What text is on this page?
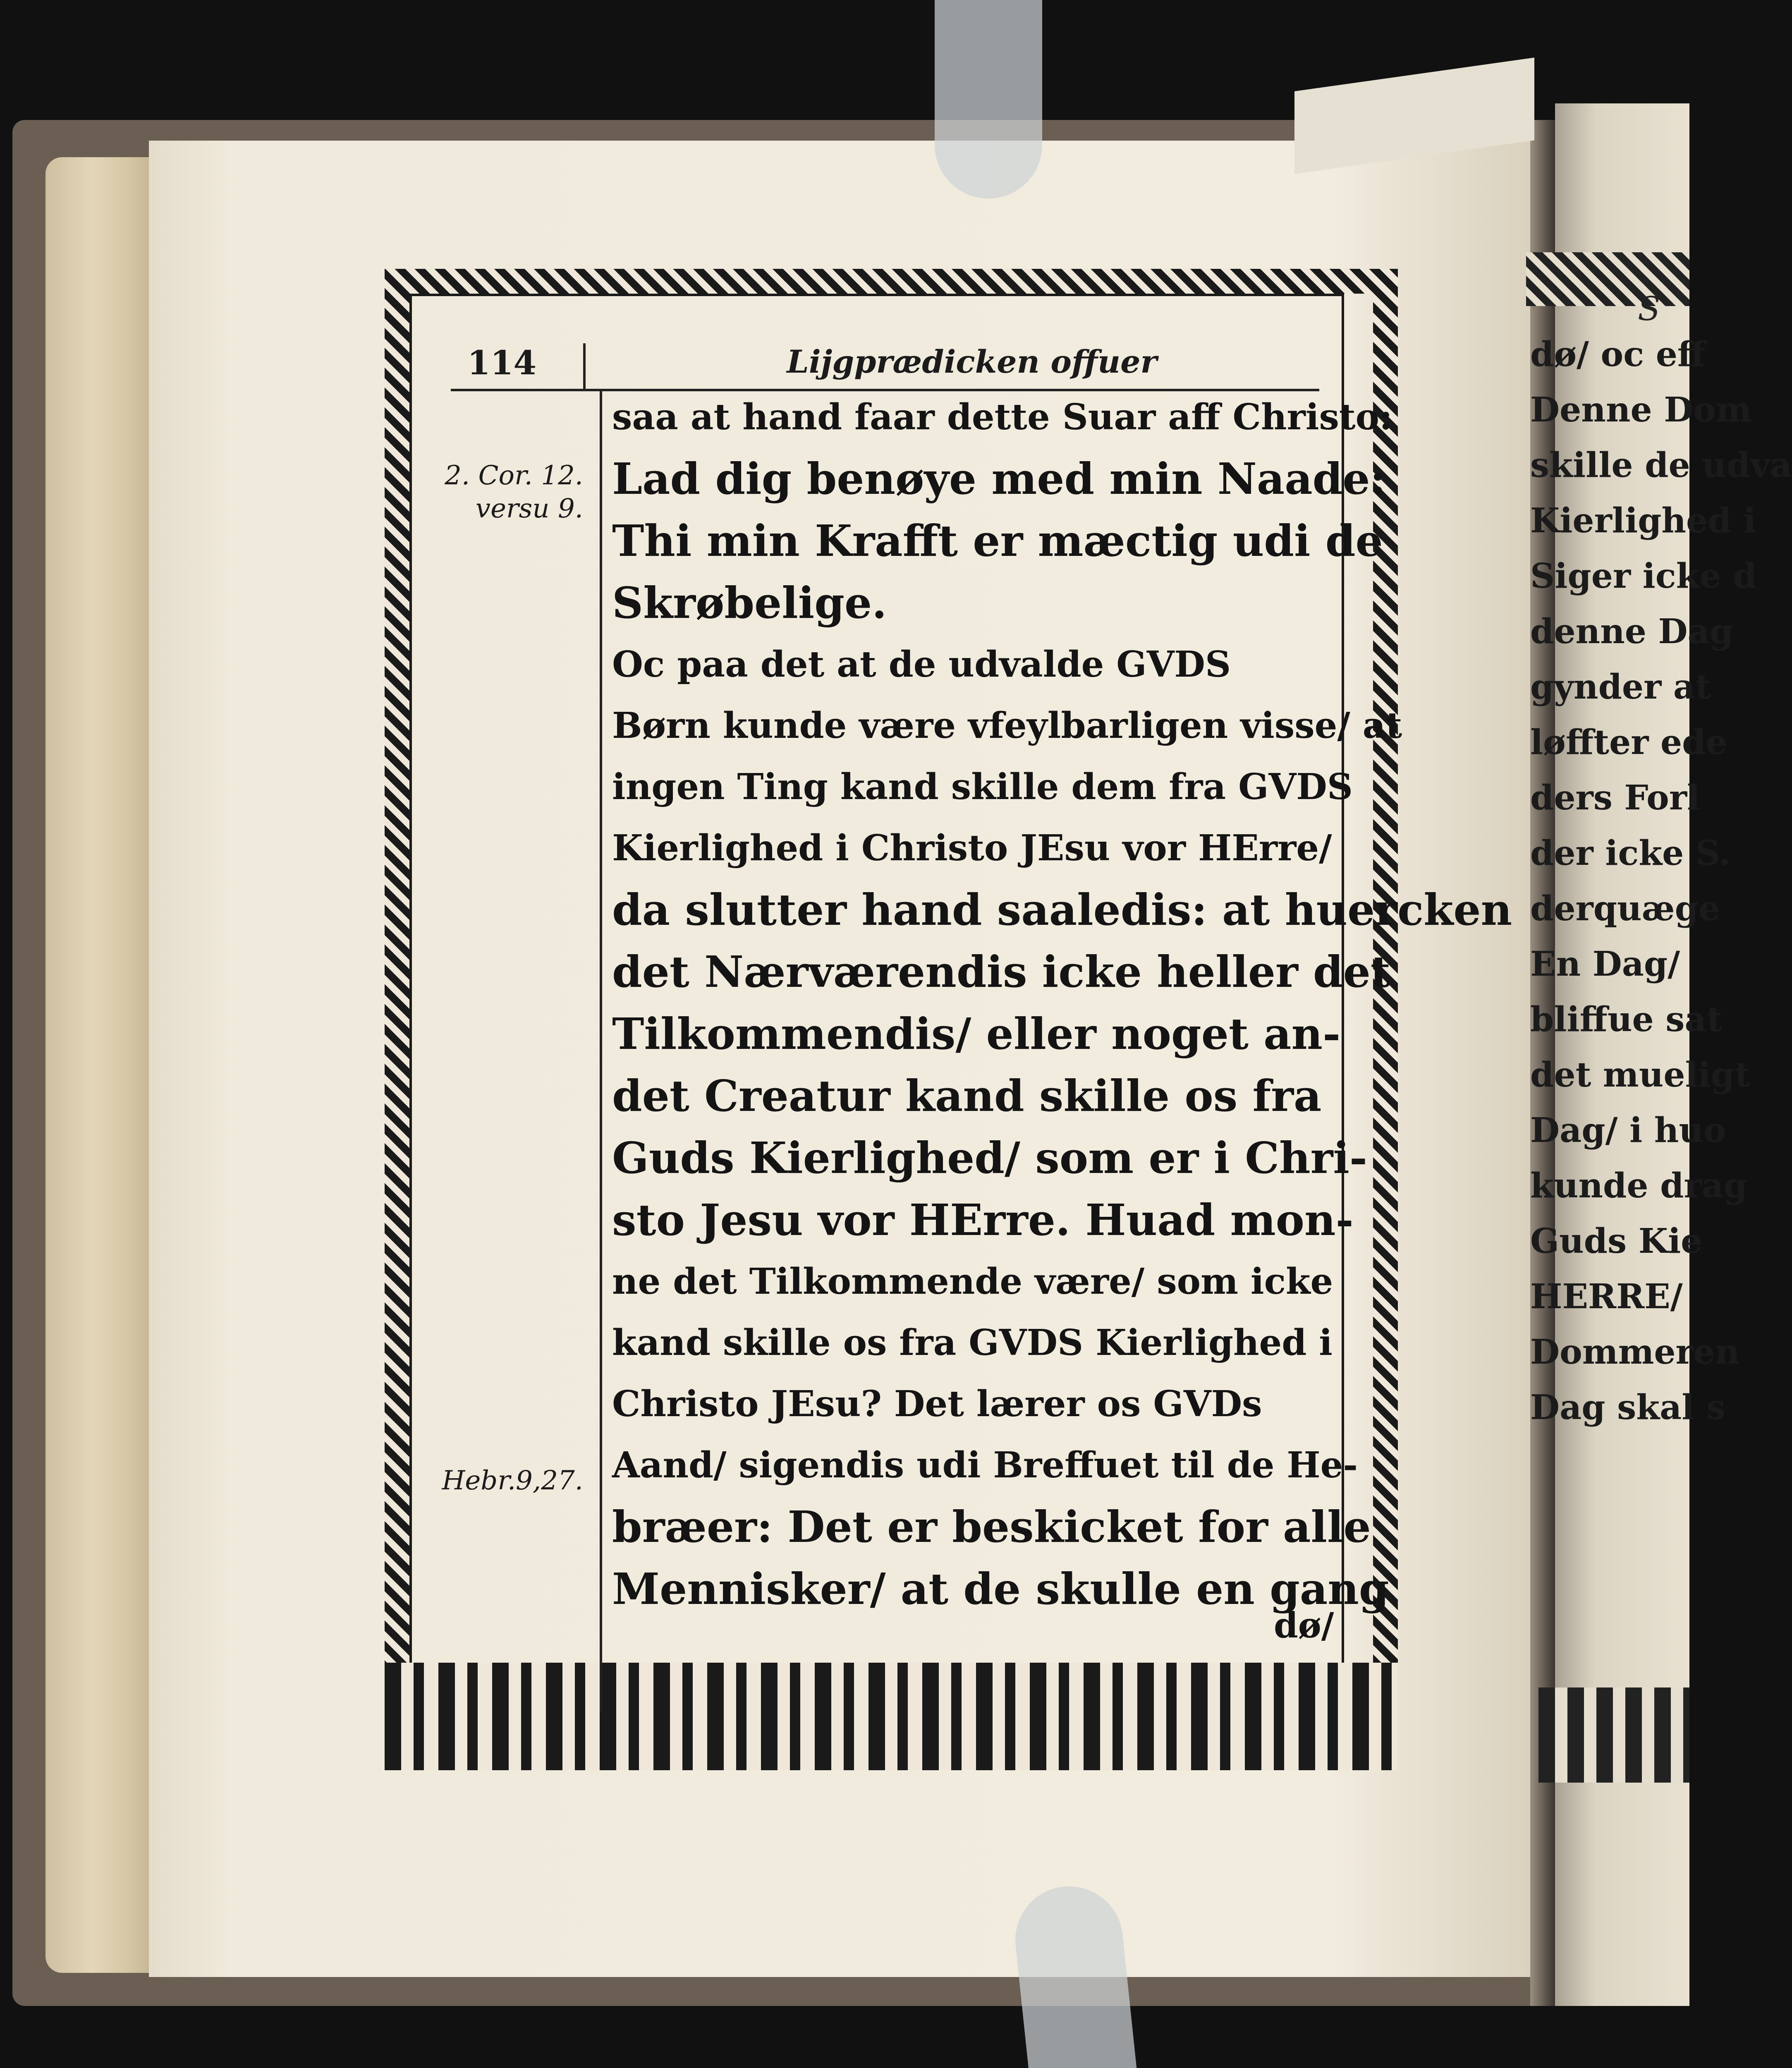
114	Lijgprædicken offuer
2. Cor. 12. versu 9.
Hebr.9,27.
saa at hand faar dette Suar aff Christo:
Lad dig benøye med min Naade:
Thi min Krafft er mæctig udi de
Skrøbelige.
Oc paa det at de udvalde GVDS
Børn kunde være vfeylbarligen visse/ at
ingen Ting kand skille dem fra GVDS
Kierlighed i Christo JEsu vor HErre/
da slutter hand saaledis: at huercken
det Nærværendis icke heller det
Tilkommendis/ eller noget an-
det Creatur kand skille os fra
Guds Kierlighed/ som er i Chri-
sto Jesu vor HErre. Huad mon-
ne det Tilkommende være/ som icke
kand skille os fra GVDS Kierlighed i
Christo JEsu? Det lærer os GVDs
Aand/ sigendis udi Breffuet til de He-
bræer: Det er beskicket for alle
Mennisker/ at de skulle en gang
dø/
S
dø/ oc eff
Denne Dom
skille de udva
Kierlighed i
Siger icke d
denne Dag
gynder at
løffter ede
ders Forl
der icke S.
derquæge
En Dag/
bliffue sat
det mueligt
Dag/ i huo
kunde drag
Guds Kie
HERRE/
Dommeren
Dag skal s
